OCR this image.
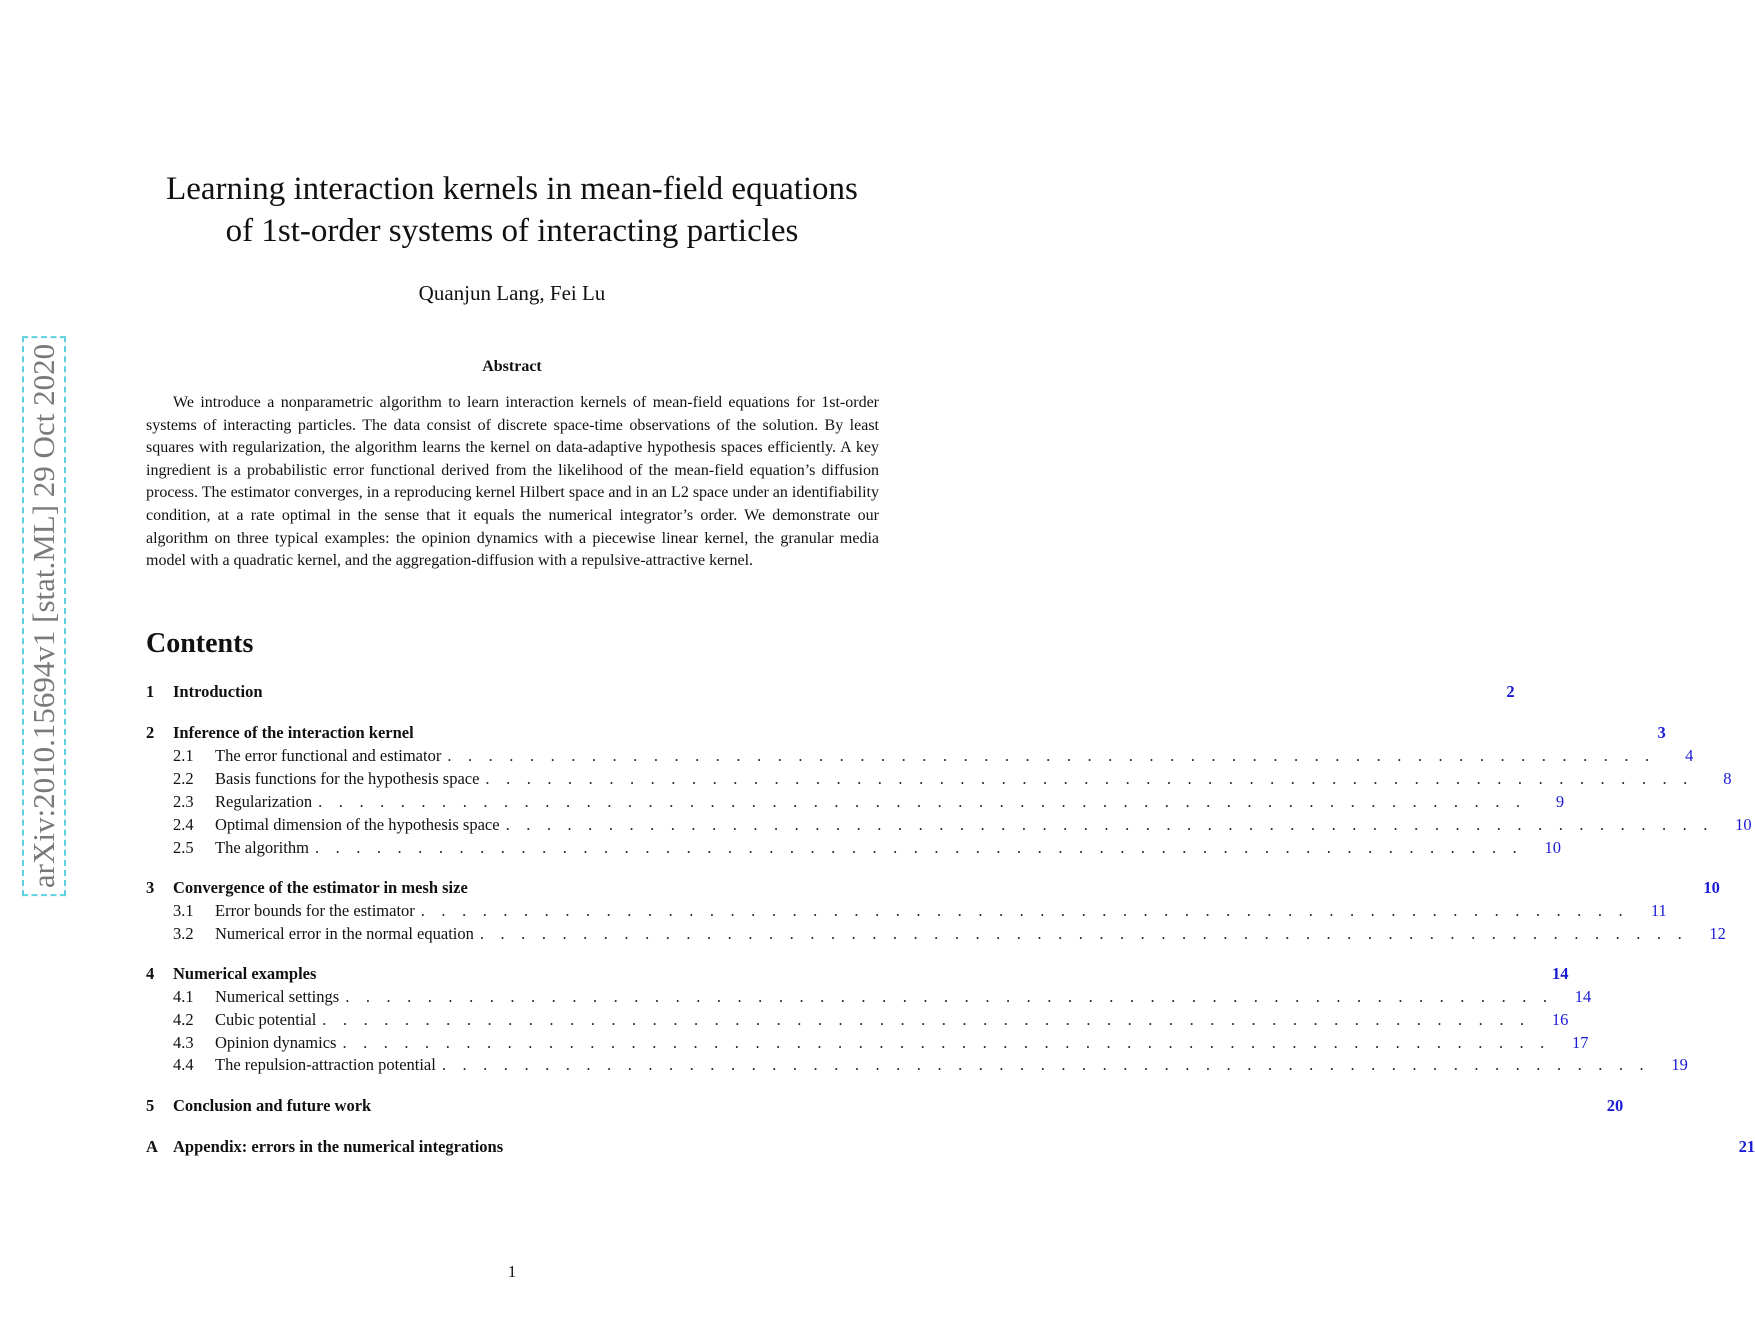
Learning interaction kernels in mean-field equations
of 1st-order systems of interacting particles
Quanjun Lang, Fei Lu
Abstract

We introduce a nonparametric algorithm to learn interaction kernels of mean-field equations for 1st-order systems of interacting particles. The data consist of discrete space-time observations of the solution. By least squares with regularization, the algorithm learns the kernel on data-adaptive hypothesis spaces efficiently. A key ingredient is a probabilistic error functional derived from the likelihood of the mean-field equation’s diffusion process. The estimator converges, in a reproducing kernel Hilbert space and in an L2 space under an identifiability condition, at a rate optimal in the sense that it equals the numerical integrator’s order. We demonstrate our algorithm on three typical examples: the opinion dynamics with a piecewise linear kernel, the granular media model with a quadratic kernel, and the aggregation-diffusion with a repulsive-attractive kernel.

arXiv:2010.15694v1 [stat.ML] 29 Oct 2020	Contents
1	Introduction	2
2	Inference of the interaction kernel	3
2.1	The error functional and estimator . . . . . . . . . . . . . . . . . . . . . . . . . . . . . . . . . . . . . . . . . . . . . . . . . . . . . . . . . . .	4
2.2	Basis functions for the hypothesis space . . . . . . . . . . . . . . . . . . . . . . . . . . . . . . . . . . . . . . . . . . . . . . . . . . . . . . . . . . .	8
2.3	Regularization . . . . . . . . . . . . . . . . . . . . . . . . . . . . . . . . . . . . . . . . . . . . . . . . . . . . . . . . . . .	9
2.4	Optimal dimension of the hypothesis space . . . . . . . . . . . . . . . . . . . . . . . . . . . . . . . . . . . . . . . . . . . . . . . . . . . . . . . . . . .	10
2.5	The algorithm . . . . . . . . . . . . . . . . . . . . . . . . . . . . . . . . . . . . . . . . . . . . . . . . . . . . . . . . . . .	10
3	Convergence of the estimator in mesh size	10
3.1	Error bounds for the estimator . . . . . . . . . . . . . . . . . . . . . . . . . . . . . . . . . . . . . . . . . . . . . . . . . . . . . . . . . . .	11
3.2	Numerical error in the normal equation . . . . . . . . . . . . . . . . . . . . . . . . . . . . . . . . . . . . . . . . . . . . . . . . . . . . . . . . . . .	12
4	Numerical examples	14
4.1	Numerical settings . . . . . . . . . . . . . . . . . . . . . . . . . . . . . . . . . . . . . . . . . . . . . . . . . . . . . . . . . . .	14
4.2	Cubic potential . . . . . . . . . . . . . . . . . . . . . . . . . . . . . . . . . . . . . . . . . . . . . . . . . . . . . . . . . . .	16
4.3	Opinion dynamics . . . . . . . . . . . . . . . . . . . . . . . . . . . . . . . . . . . . . . . . . . . . . . . . . . . . . . . . . . .	17
4.4	The repulsion-attraction potential . . . . . . . . . . . . . . . . . . . . . . . . . . . . . . . . . . . . . . . . . . . . . . . . . . . . . . . . . . .	19
5	Conclusion and future work	20
A Appendix: errors in the numerical integrations	21
1
